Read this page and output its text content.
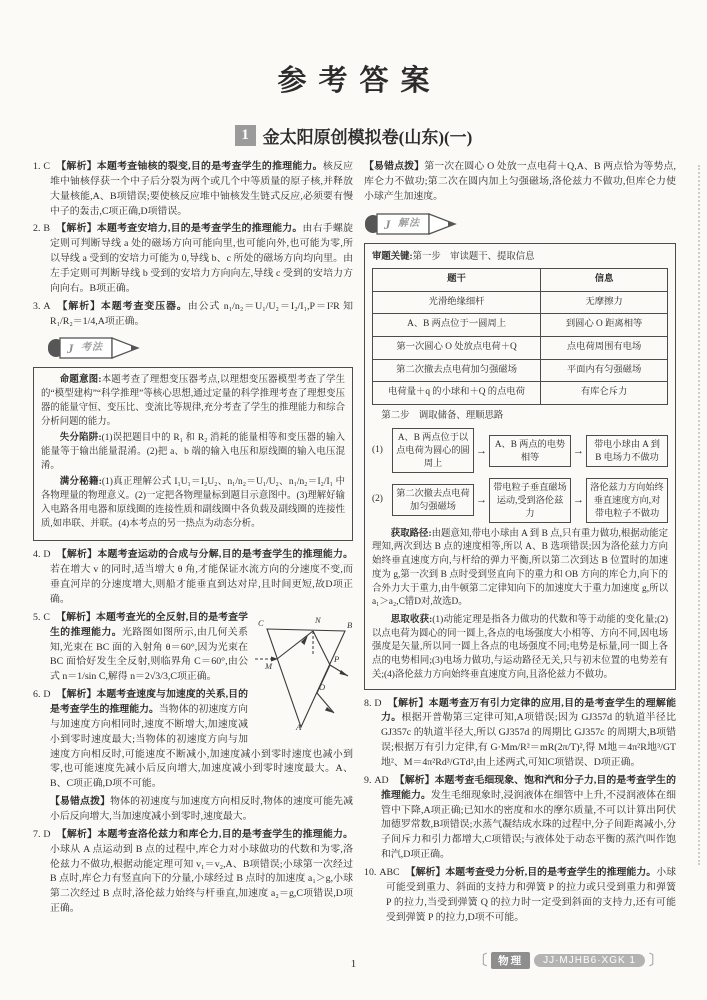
参考答案
1 金太阳原创模拟卷(山东)(一)

1. C 【解析】本题考查铀核的裂变,目的是考查学生的推理能力。核反应堆中铀核俘获一个中子后分裂为两个或几个中等质量的原子核,并释放大量核能,A、B项错误;要使核反应堆中铀核发生链式反应,必须要有慢中子的轰击,C项正确,D项错误。

2. B 【解析】本题考查安培力,目的是考查学生的推理能力。由右手螺旋定则可判断导线 a 处的磁场方向可能向里,也可能向外,也可能为零,所以导线 a 受到的安培力可能为 0,导线 b、c 所处的磁场方向均向里。由左手定则可判断导线 b 受到的安培力方向向左,导线 c 受到的安培力方向向右。B项正确。

3. A 【解析】本题考查变压器。由公式 n₁/n₂＝U₁/U₂＝I₂/I₁,P＝I²R 知 R₁/R₂＝1/4,A项正确。

J 考法

命题意图:本题考查了理想变压器考点,以理想变压器模型考查了学生的“模型建构”“科学推理”等核心思想,通过定量的科学推理考查了理想变压器的能量守恒、变压比、变流比等规律,充分考查了学生的推理能力和综合分析问题的能力。

失分陷阱:(1)误把题目中的 R₁ 和 R₂ 消耗的能量相等和变压器的输入能量等于输出能量混淆。(2)把 a、b 端的输入电压和原线圈的输入电压混淆。

满分秘籍:(1)真正理解公式 I₁U₁＝I₂U₂、n₁/n₂＝U₁/U₂、n₁/n₂＝I₂/I₁ 中各物理量的物理意义。(2)一定把各物理量标到题目示意图中。(3)理解好输入电路各用电器和原线圈的连接性质和副线圈中各负载及副线圈的连接性质,如串联、并联。(4)本考点的另一热点为动态分析。

4. D 【解析】本题考查运动的合成与分解,目的是考查学生的推理能力。若在增大 v 的同时,适当增大 θ 角,才能保证水流方向的分速度不变,而垂直河岸的分速度增大,则船才能垂直到达对岸,且时间更短,故D项正确。

C	N	B
M
P
O
A
5. C 【解析】本题考查光的全反射,目的是考查学生的推理能力。光路图如图所示,由几何关系知,光束在 BC 面的入射角 θ＝60°,因为光束在 BC 面恰好发生全反射,则临界角 C＝60°,由公式 n＝1/sin C,解得 n＝2√3/3,C项正确。

6. D 【解析】本题考查速度与加速度的关系,目的是考查学生的推理能力。当物体的初速度方向与加速度方向相同时,速度不断增大,加速度减小到零时速度最大;当物体的初速度方向与加速度方向相反时,可能速度不断减小,加速度减小到零时速度也减小到零,也可能速度先减小后反向增大,加速度减小到零时速度最大。A、B、C项正确,D项不可能。

【易错点拨】物体的初速度与加速度方向相反时,物体的速度可能先减小后反向增大,当加速度减小到零时,速度最大。

7. D 【解析】本题考查洛伦兹力和库仑力,目的是考查学生的推理能力。小球从 A 点运动到 B 点的过程中,库仑力对小球做功的代数和为零,洛伦兹力不做功,根据动能定理可知 v₁＝v₂,A、B项错误;小球第一次经过 B 点时,库仑力有竖直向下的分量,小球经过 B 点时的加速度 a₁＞g,小球第二次经过 B 点时,洛伦兹力始终与杆垂直,加速度 a₂＝g,C项错误,D项正确。

【易错点拨】第一次在圆心 O 处放一点电荷＋Q,A、B 两点恰为等势点,库仑力不做功;第二次在圆内加上匀强磁场,洛伦兹力不做功,但库仑力使小球产生加速度。

J 解法

审题关键:第一步　审读题干、提取信息

题干	信息
光滑绝缘细杆	无摩擦力
A、B 两点位于一圆周上	到圆心 O 距离相等
第一次圆心 O 处放点电荷＋Q	点电荷周围有电场
第二次撤去点电荷加匀强磁场	平面内有匀强磁场
电荷量＋q 的小球和＋Q 的点电荷	有库仑斥力

第二步　调取储备、理顺思路

(1)
A、B 两点位于以点电荷为圆心的圆周上
→
A、B 两点的电势相等
→
带电小球由 A 到 B 电场力不做功
(2)
第二次撤去点电荷加匀强磁场
→
带电粒子垂直磁场运动,受到洛伦兹力
→
洛伦兹力方向始终垂直速度方向,对带电粒子不做功

获取路径:由题意知,带电小球由 A 到 B 点,只有重力做功,根据动能定理知,两次到达 B 点的速度相等,所以 A、B 选项错误;因为洛伦兹力方向始终垂直速度方向,与杆给的弹力平衡,所以第二次到达 B 位置时的加速度为 g,第一次到 B 点时受到竖直向下的重力和 OB 方向的库仑力,向下的合外力大于重力,由牛顿第二定律知向下的加速度大于重力加速度 g,所以 a₁＞a₂,C错D对,故选D。

思取收获:(1)动能定理是指各力做功的代数和等于动能的变化量;(2)以点电荷为圆心的同一圆上,各点的电场强度大小相等、方向不同,因电场强度是矢量,所以同一圆上各点的电场强度不同;电势是标量,同一圆上各点的电势相同;(3)电场力做功,与运动路径无关,只与初末位置的电势差有关;(4)洛伦兹力方向始终垂直速度方向,且洛伦兹力不做功。

8. D 【解析】本题考查万有引力定律的应用,目的是考查学生的理解能力。根据开普勒第三定律可知,A项错误;因为 GJ357d 的轨道半径比 GJ357c 的轨道半径大,所以 GJ357d 的周期比 GJ357c 的周期大,B项错误;根据万有引力定律,有 G·Mm/R²＝mR(2π/T)²,得 M地＝4π²R地³/GT地²、M＝4π²Rd³/GTd²,由上述两式,可知C项错误、D项正确。

9. AD 【解析】本题考查毛细现象、饱和汽和分子力,目的是考查学生的推理能力。发生毛细现象时,浸润液体在细管中上升,不浸润液体在细管中下降,A项正确;已知水的密度和水的摩尔质量,不可以计算出阿伏加德罗常数,B项错误;水蒸气凝结成水珠的过程中,分子间距离减小,分子间斥力和引力都增大,C项错误;与液体处于动态平衡的蒸汽叫作饱和汽,D项正确。

10. ABC 【解析】本题考查受力分析,目的是考查学生的推理能力。小球可能受到重力、斜面的支持力和弹簧 P 的拉力或只受到重力和弹簧 P 的拉力,当受到弹簧 Q 的拉力时一定受到斜面的支持力,还有可能受到弹簧 P 的拉力,D项不可能。

〔	物理	JJ·MJHB6·XGK 1 〕
1
